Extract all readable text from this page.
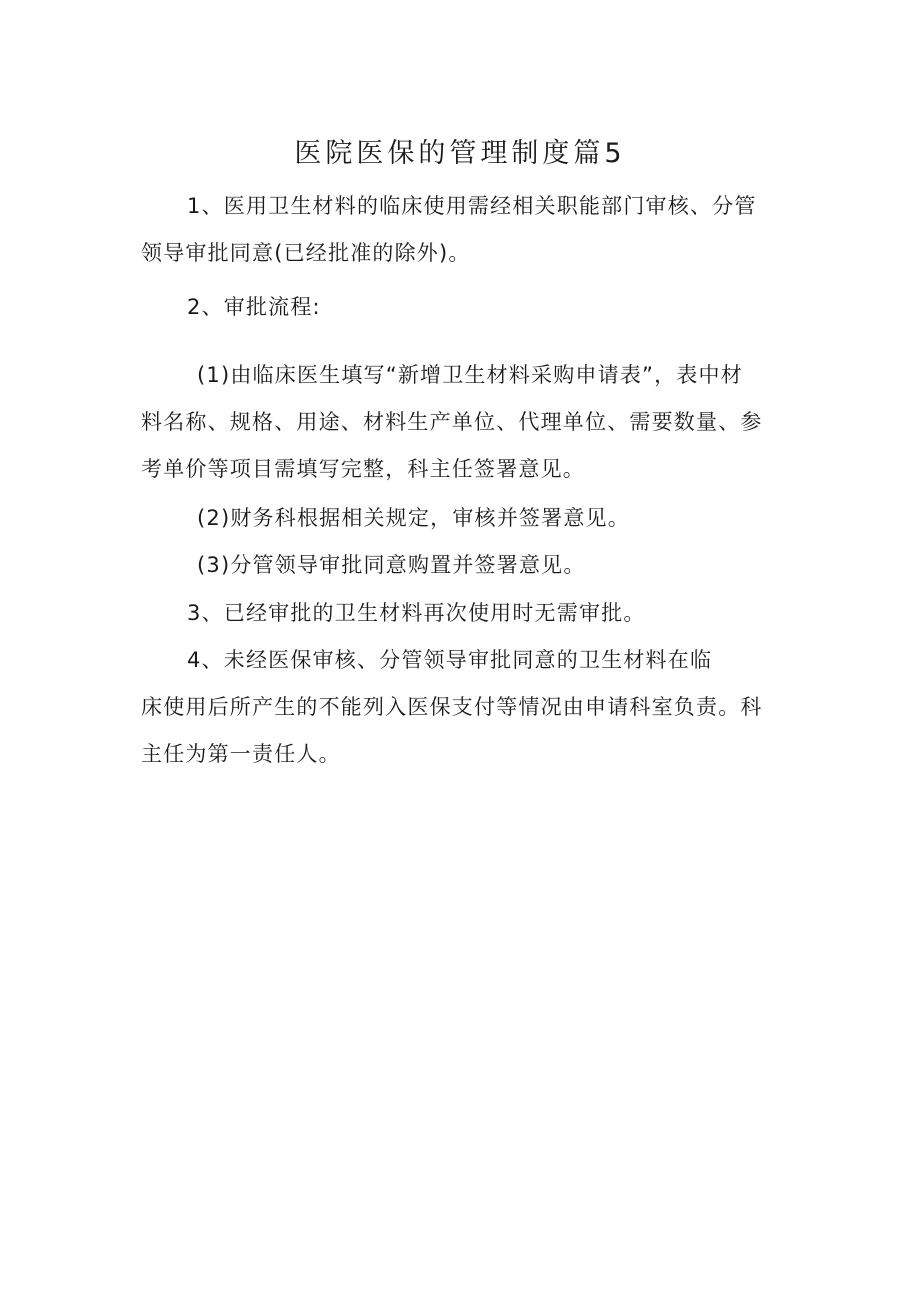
医院医保的管理制度篇5
1、医用卫生材料的临床使用需经相关职能部门审核、分管
领导审批同意(已经批准的除外)。
2、审批流程:
(1)由临床医生填写“新增卫生材料采购申请表”，表中材
料名称、规格、用途、材料生产单位、代理单位、需要数量、参
考单价等项目需填写完整，科主任签署意见。
(2)财务科根据相关规定，审核并签署意见。
(3)分管领导审批同意购置并签署意见。
3、已经审批的卫生材料再次使用时无需审批。
4、未经医保审核、分管领导审批同意的卫生材料在临
床使用后所产生的不能列入医保支付等情况由申请科室负责。科
主任为第一责任人。
